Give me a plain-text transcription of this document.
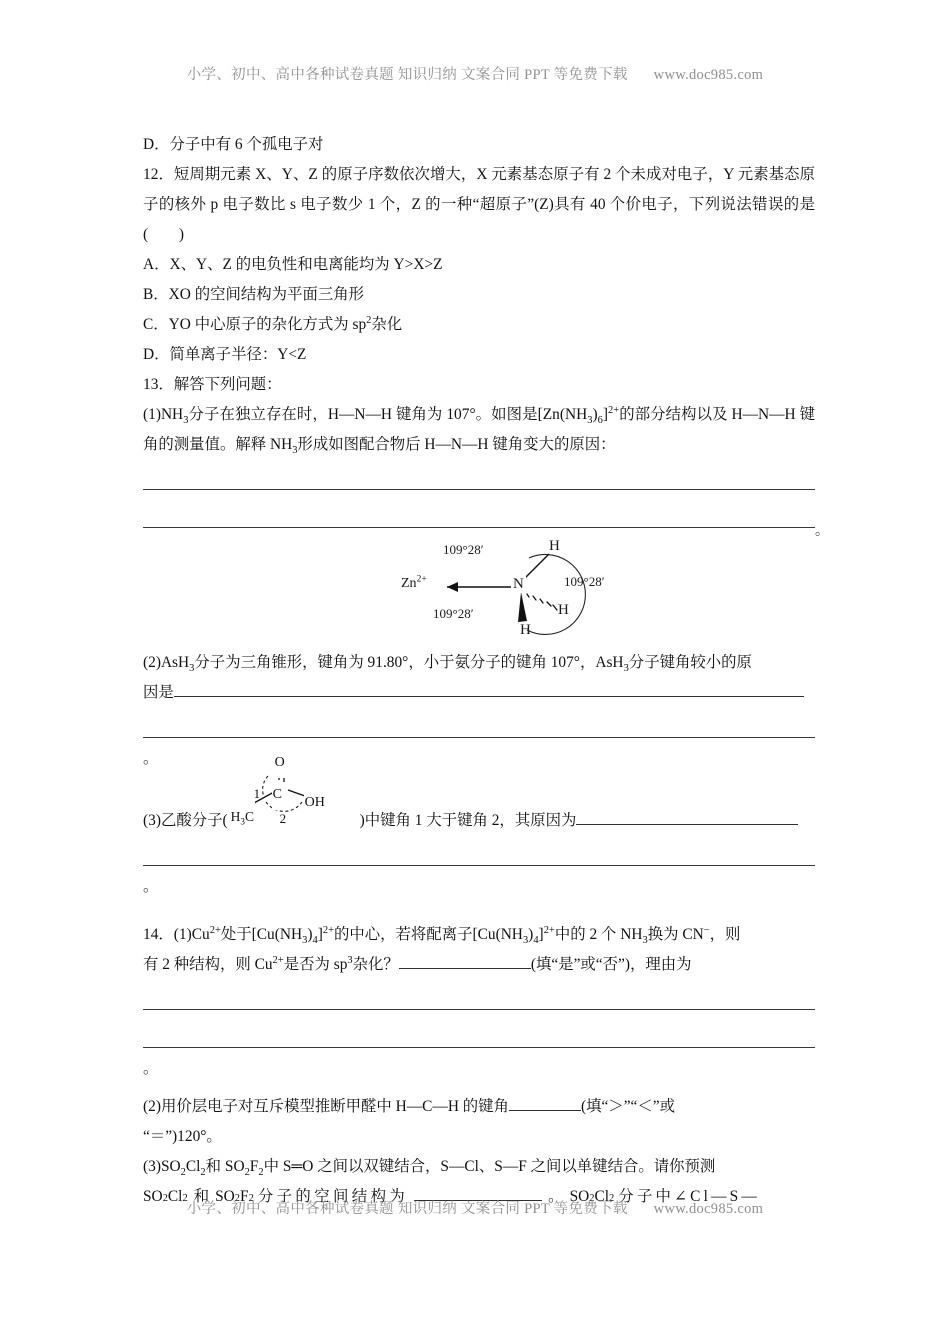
小学、初中、高中各种试卷真题 知识归纳 文案合同 PPT 等免费下载 www.doc985.com
D．分子中有 6 个孤电子对
12．短周期元素 X、Y、Z 的原子序数依次增大，X 元素基态原子有 2 个未成对电子，Y 元素基态原子的核外 p 电子数比 s 电子数少 1 个，Z 的一种“超原子”(Z)具有 40 个价电子，下列说法错误的是(　　)
A．X、Y、Z 的电负性和电离能均为 Y>X>Z
B．XO 的空间结构为平面三角形
C．YO 中心原子的杂化方式为 $sp^2$杂化
D．简单离子半径：Y<Z
13．解答下列问题：
$(1)NH_3$分子在独立存在时，H—N—H 键角为 107°。如图是$[Zn(NH_3)_6]^{2+}$的部分结构以及 H—N—H 键角的测量值。解释 $NH_3$形成如图配合物后 H—N—H 键角变大的原因：
。
$Zn^{2+}$	N
H
H
H
109°28′
109°28′
109°28′
(2)AsH$_3$分子为三角锥形，键角为 91.80°，小于氨分子的键角 107°，AsH$_3$分子键角较小的原
因是
。
(3)乙酸分子(
O
C
OH
$H_3C$
1
2	)中键角 1 大于键角 2，其原因为
。
14．$(1)Cu^{2+}$处于$[Cu(NH_3)_4]^{2+}$的中心，若将配离子$[Cu(NH_3)_4]^{2+}$中的 2 个 $NH_3$换为 CN−，则
有 2 种结构，则 $Cu^{2+}$是否为 $sp^3$杂化？	(填“是”或“否”)，理由为
。
(2)用价层电子对互斥模型推断甲醛中 H—C—H 的键角	(填“＞”“＜”或
“＝”)120°。
$(3)SO_2Cl_2$和 $SO_2F_2$中 S═O 之间以双键结合，S—Cl、S—F 之间以单键结合。请你预测
SO 2 Cl 2 和 SO 2 F 2 分子的空间结构为	。 SO 2 Cl 2 分子中∠Cl—S—
小学、初中、高中各种试卷真题 知识归纳 文案合同 PPT 等免费下载 www.doc985.com
